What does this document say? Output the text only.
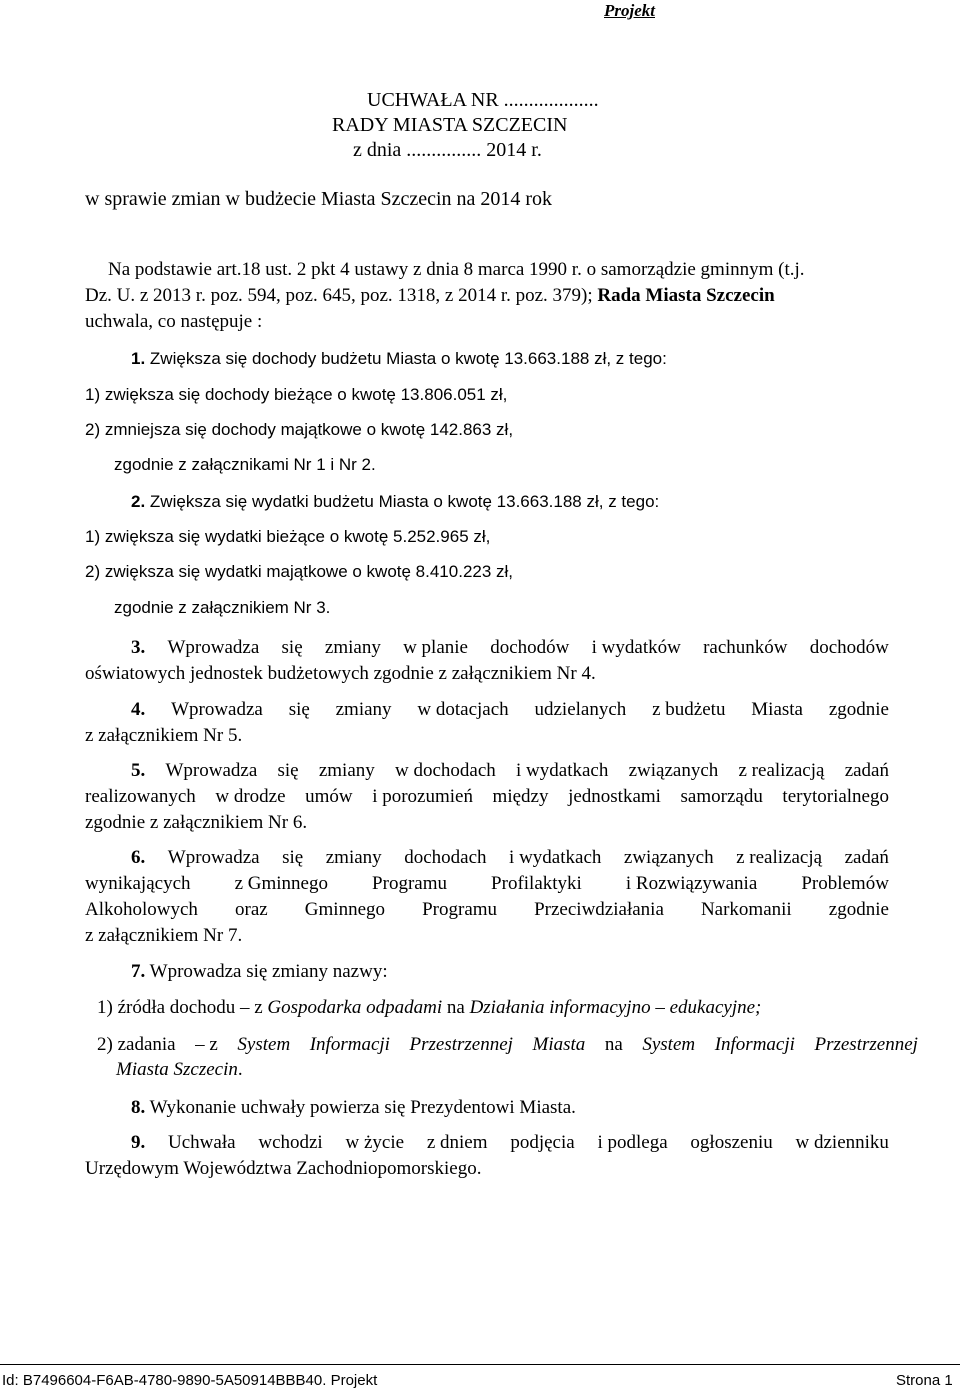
Projekt
UCHWAŁA NR ...................
RADY MIASTA SZCZECIN
z dnia ............... 2014 r.
w sprawie zmian w budżecie Miasta Szczecin na 2014 rok
Na podstawie art.18 ust. 2 pkt 4 ustawy z dnia 8 marca 1990 r. o samorządzie gminnym (t.j.
Dz. U. z 2013 r. poz. 594, poz. 645, poz. 1318, z 2014 r. poz. 379); Rada Miasta Szczecin
uchwala, co następuje :
1. Zwiększa się dochody budżetu Miasta o kwotę 13.663.188 zł, z tego:
1) zwiększa się dochody bieżące o kwotę 13.806.051 zł,
2) zmniejsza się dochody majątkowe o kwotę 142.863 zł,
zgodnie z załącznikami Nr 1 i Nr 2.
2. Zwiększa się wydatki budżetu Miasta o kwotę 13.663.188 zł, z tego:
1) zwiększa się wydatki bieżące o kwotę 5.252.965 zł,
2) zwiększa się wydatki majątkowe o kwotę 8.410.223 zł,
zgodnie z załącznikiem Nr 3.
3. Wprowadza się zmiany w planie dochodów i wydatków rachunków dochodów
oświatowych jednostek budżetowych zgodnie z załącznikiem Nr 4.
4. Wprowadza się zmiany w dotacjach udzielanych z budżetu Miasta zgodnie
z załącznikiem Nr 5.
5. Wprowadza się zmiany w dochodach i wydatkach związanych z realizacją zadań
realizowanych w drodze umów i porozumień między jednostkami samorządu terytorialnego
zgodnie z załącznikiem Nr 6.
6. Wprowadza się zmiany dochodach i wydatkach związanych z realizacją zadań
wynikających z Gminnego Programu Profilaktyki i Rozwiązywania Problemów
Alkoholowych oraz Gminnego Programu Przeciwdziałania Narkomanii zgodnie
z załącznikiem Nr 7.
7. Wprowadza się zmiany nazwy:
1) źródła dochodu – z Gospodarka odpadami na Działania informacyjno – edukacyjne;
2) zadania – z System Informacji Przestrzennej Miasta na System Informacji Przestrzennej
Miasta Szczecin.
8. Wykonanie uchwały powierza się Prezydentowi Miasta.
9. Uchwała wchodzi w życie z dniem podjęcia i podlega ogłoszeniu w dzienniku
Urzędowym Województwa Zachodniopomorskiego.
Id: B7496604-F6AB-4780-9890-5A50914BBB40. Projekt	Strona 1
